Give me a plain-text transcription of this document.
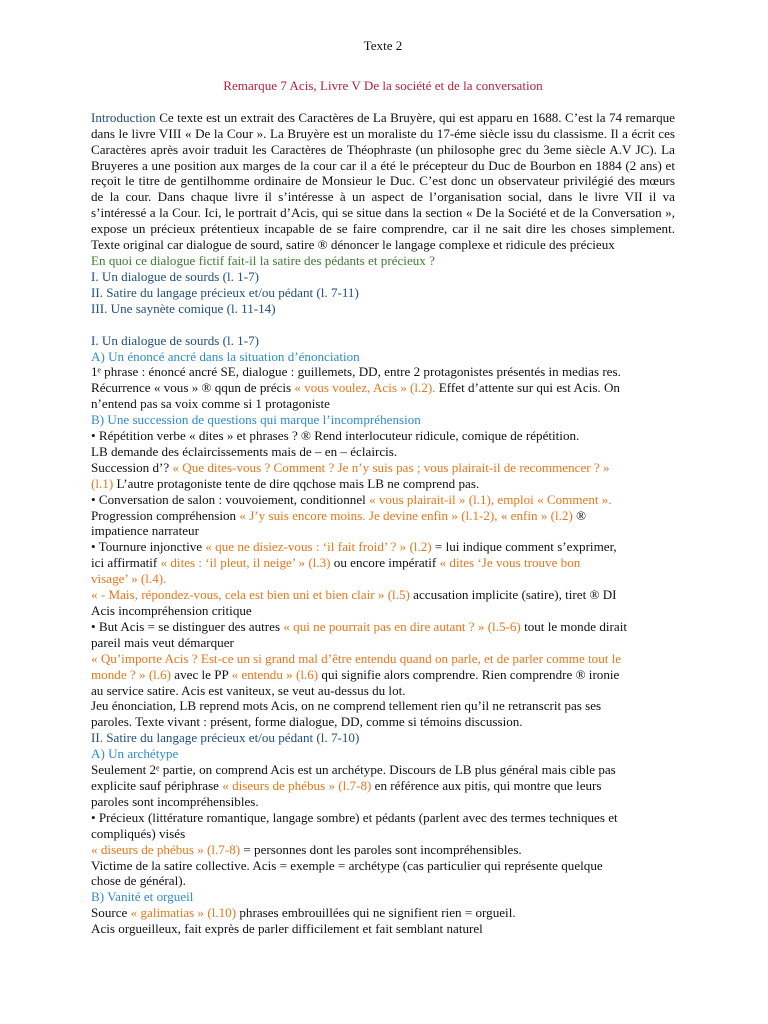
Texte 2

Remarque 7 Acis, Livre V De la société et de la conversation

Introduction Ce texte est un extrait des Caractères de La Bruyère, qui est apparu en 1688. C’est la 74 remarque dans le livre VIII « De la Cour ». La Bruyère est un moraliste du 17-éme siècle issu du classisme. Il a écrit ces Caractères après avoir traduit les Caractères de Théophraste (un philosophe grec du 3eme siècle A.V JC). La Bruyeres a une position aux marges de la cour car il a été le précepteur du Duc de Bourbon en 1884 (2 ans) et reçoit le titre de gentilhomme ordinaire de Monsieur le Duc. C’est donc un observateur privilégié des mœurs de la cour. Dans chaque livre il s’intéresse à un aspect de l’organisation social, dans le livre VII il va s’intéressé a la Cour. Ici, le portrait d’Acis, qui se situe dans la section « De la Société et de la Conversation », expose un précieux prétentieux incapable de se faire comprendre, car il ne sait dire les choses simplement. Texte original car dialogue de sourd, satire ® dénoncer le langage complexe et ridicule des précieux

En quoi ce dialogue fictif fait-il la satire des pédants et précieux ?

I. Un dialogue de sourds (l. 1-7)

II. Satire du langage précieux et/ou pédant (l. 7-11)

III. Une saynète comique (l. 11-14)

I. Un dialogue de sourds (l. 1-7)

A) Un énoncé ancré dans la situation d’énonciation

1ᵉ phrase : énoncé ancré SE, dialogue : guillemets, DD, entre 2 protagonistes présentés in medias res.

Récurrence « vous » ® qqun de précis « vous voulez, Acis » (l.2). Effet d’attente sur qui est Acis. On

n’entend pas sa voix comme si 1 protagoniste

B) Une succession de questions qui marque l’incompréhension

• Répétition verbe « dites » et phrases ? ® Rend interlocuteur ridicule, comique de répétition.

LB demande des éclaircissements mais de – en – éclaircis.

Succession d’? « Que dites-vous ? Comment ? Je n’y suis pas ; vous plairait-il de recommencer ? »

(l.1) L’autre protagoniste tente de dire qqchose mais LB ne comprend pas.

• Conversation de salon : vouvoiement, conditionnel « vous plairait-il » (l.1), emploi « Comment ».

Progression compréhension « J’y suis encore moins. Je devine enfin » (l.1-2), « enfin » (l.2) ®

impatience narrateur

• Tournure injonctive « que ne disiez-vous : ‘il fait froid’ ? » (l.2) = lui indique comment s’exprimer,

ici affirmatif « dites : ‘il pleut, il neige’ » (l.3) ou encore impératif « dites ‘Je vous trouve bon

visage’ » (l.4).

« - Mais, répondez-vous, cela est bien uni et bien clair » (l.5) accusation implicite (satire), tiret ® DI

Acis incompréhension critique

• But Acis = se distinguer des autres « qui ne pourrait pas en dire autant ? » (l.5-6) tout le monde dirait

pareil mais veut démarquer

« Qu’importe Acis ? Est-ce un si grand mal d’être entendu quand on parle, et de parler comme tout le

monde ? » (l.6) avec le PP « entendu » (l.6) qui signifie alors comprendre. Rien comprendre ® ironie

au service satire. Acis est vaniteux, se veut au-dessus du lot.

Jeu énonciation, LB reprend mots Acis, on ne comprend tellement rien qu’il ne retranscrit pas ses

paroles. Texte vivant : présent, forme dialogue, DD, comme si témoins discussion.

II. Satire du langage précieux et/ou pédant (l. 7-10)

A) Un archétype

Seulement 2ᵉ partie, on comprend Acis est un archétype. Discours de LB plus général mais cible pas

explicite sauf périphrase « diseurs de phébus » (l.7-8) en référence aux pitis, qui montre que leurs

paroles sont incompréhensibles.

• Précieux (littérature romantique, langage sombre) et pédants (parlent avec des termes techniques et

compliqués) visés

« diseurs de phébus » (l.7-8) = personnes dont les paroles sont incompréhensibles.

Victime de la satire collective. Acis = exemple = archétype (cas particulier qui représente quelque

chose de général).

B) Vanité et orgueil

Source « galimatias » (l.10) phrases embrouillées qui ne signifient rien = orgueil.

Acis orgueilleux, fait exprès de parler difficilement et fait semblant naturel
